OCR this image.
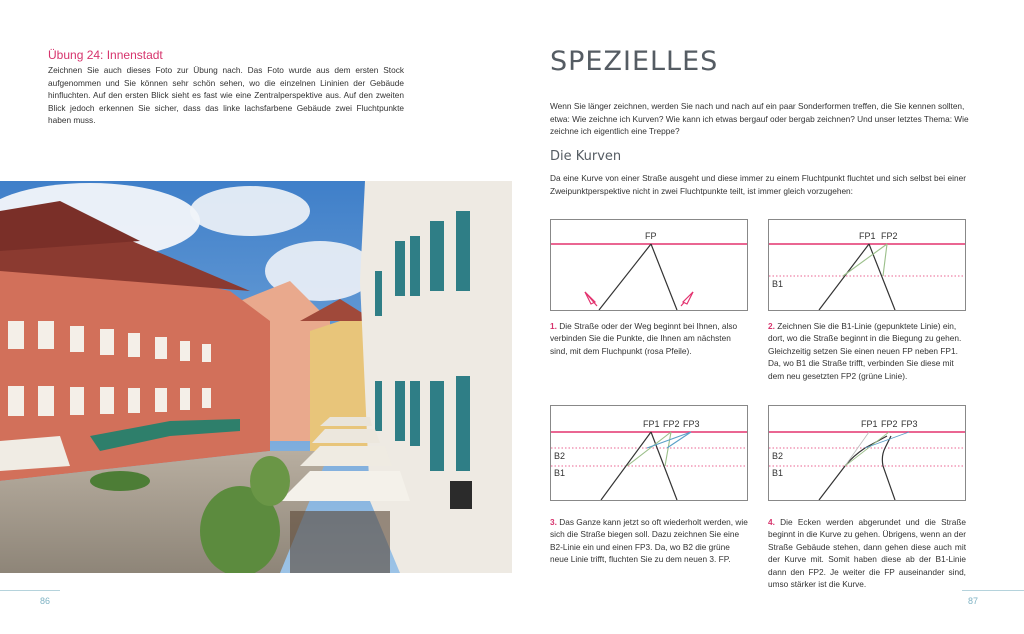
Übung 24: Innenstadt
Zeichnen Sie auch dieses Foto zur Übung nach. Das Foto wurde aus dem ersten Stock aufgenommen und Sie können sehr schön sehen, wo die einzelnen Lininien der Gebäude hinfluchten. Auf den ersten Blick sieht es fast wie eine Zentralperspektive aus. Auf den zweiten Blick jedoch erkennen Sie sicher, dass das linke lachsfarbene Gebäude zwei Fluchtpunkte haben muss.
86
SPEZIELLES
Wenn Sie länger zeichnen, werden Sie nach und nach auf ein paar Sonderformen treffen, die Sie kennen sollten, etwa: Wie zeichne ich Kurven? Wie kann ich etwas bergauf oder bergab zeichnen? Und unser letztes Thema: Wie zeichne ich eigentlich eine Treppe?
Die Kurven
Da eine Kurve von einer Straße ausgeht und diese immer zu einem Fluchtpunkt fluchtet und sich selbst bei einer Zweipunktperspektive nicht in zwei Fluchtpunkte teilt, ist immer gleich vorzugehen:
FP	FP1 FP2
B1
FP1 FP2 FP3
B2
B1
FP1 FP2 FP3
B2
B1
1. Die Straße oder der Weg beginnt bei Ihnen, also verbinden Sie die Punkte, die Ihnen am nächsten sind, mit dem Fluchpunkt (rosa Pfeile).
2. Zeichnen Sie die B1-Linie (gepunktete Linie) ein, dort, wo die Straße beginnt in die Biegung zu gehen. Gleichzeitig setzen Sie einen neuen FP neben FP1. Da, wo B1 die Straße trifft, verbinden Sie diese mit dem neu gesetzten FP2 (grüne Linie).
3. Das Ganze kann jetzt so oft wiederholt werden, wie sich die Straße biegen soll. Dazu zeichnen Sie eine B2-Linie ein und einen FP3. Da, wo B2 die grüne neue Linie trifft, fluchten Sie zu dem neuen 3. FP.
4. Die Ecken werden abgerundet und die Straße beginnt in die Kurve zu gehen. Übrigens, wenn an der Straße Gebäude stehen, dann gehen diese auch mit der Kurve mit. Somit haben diese ab der B1-Linie dann den FP2. Je weiter die FP auseinander sind, umso stärker ist die Kurve.
87
